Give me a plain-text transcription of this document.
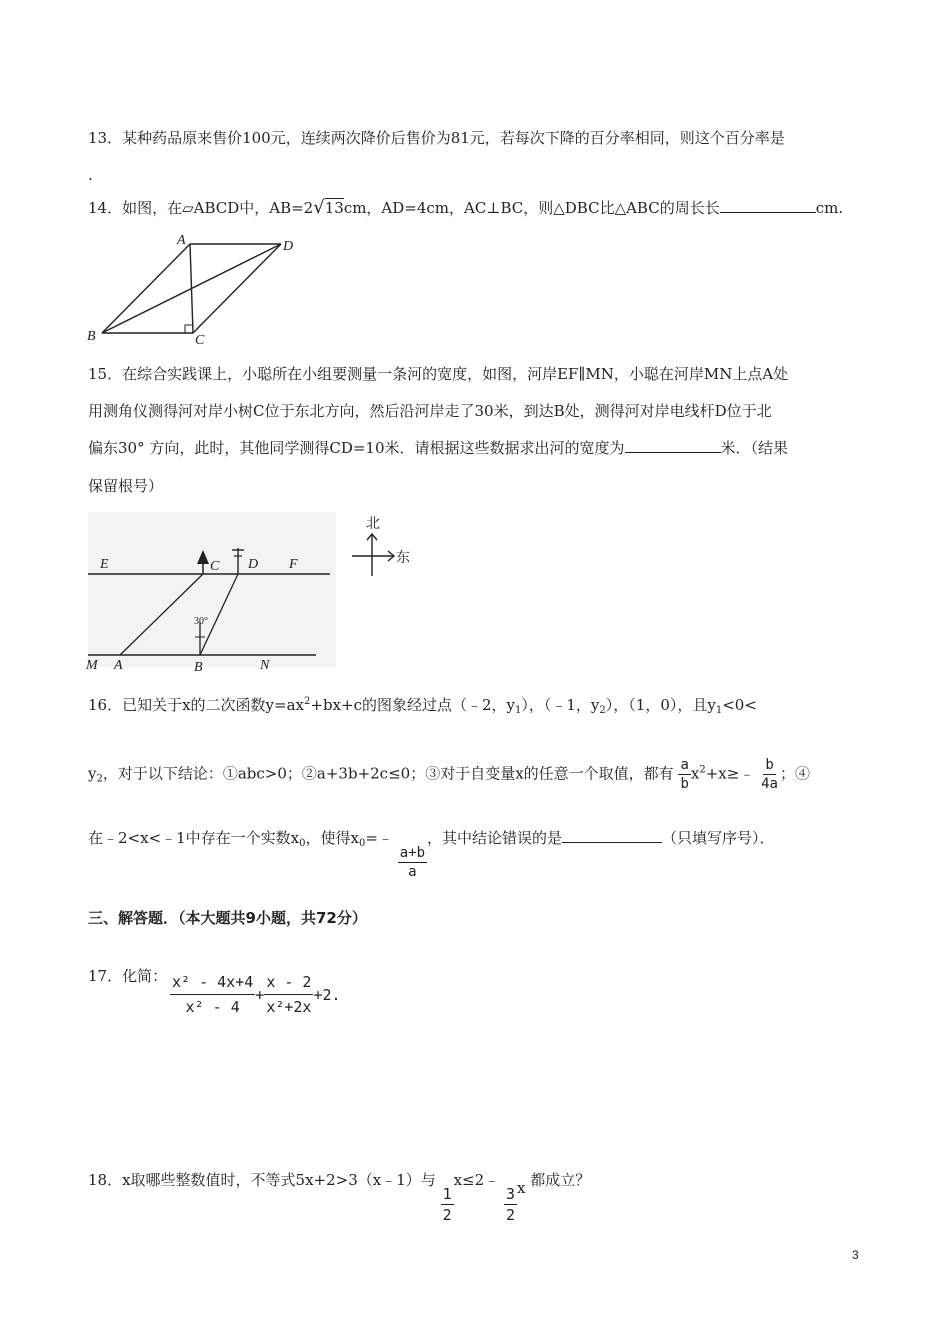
13．某种药品原来售价100元，连续两次降价后售价为81元，若每次下降的百分率相同，则这个百分率是
.
14．如图，在▱ABCD中，AB=2√13cm，AD=4cm，AC⊥BC，则△DBC比△ABC的周长长	cm.
A	D
B	C
15．在综合实践课上，小聪所在小组要测量一条河的宽度，如图，河岸EF∥MN，小聪在河岸MN上点A处
用测角仪测得河对岸小树C位于东北方向，然后沿河岸走了30米，到达B处，测得河对岸电线杆D位于北
偏东30° 方向，此时，其他同学测得CD=10米．请根据这些数据求出河的宽度为	米．（结果
保留根号）
北
东
E	C D F
M A	B	N
30°
16．已知关于x的二次函数$y=ax^2+bx+c$的图象经过点（﹣2，$y_1$），（﹣1，$y_2$），（1，0），且$y_1<0<$
$y_2$，对于以下结论：①abc>0；②a+3b+2c≤0；③对于自变量x的任意一个取值，都有 $\frac{a}{b}$ $x^2+x\ge﹣ \frac{b}{4a}$ ；④
在﹣2<x<﹣1中存在一个实数$x_0$，使得$x_0=﹣$
$\frac{a+b}{a}$
，其中结论错误的是	（只填写序号）．
三、解答题．（本大题共9小题，共72分）
17．化简： $\frac{\text{x² - 4x+4}}{\text{x² - 4}} + \frac{x - 2}{\text{x²+2x}} +2$ .
18．x取哪些整数值时，不等式5x+2>3（x﹣1）与
$\frac{1}{2}$
x≤2﹣
$\frac{3}{2}$ x 都成立？
3
